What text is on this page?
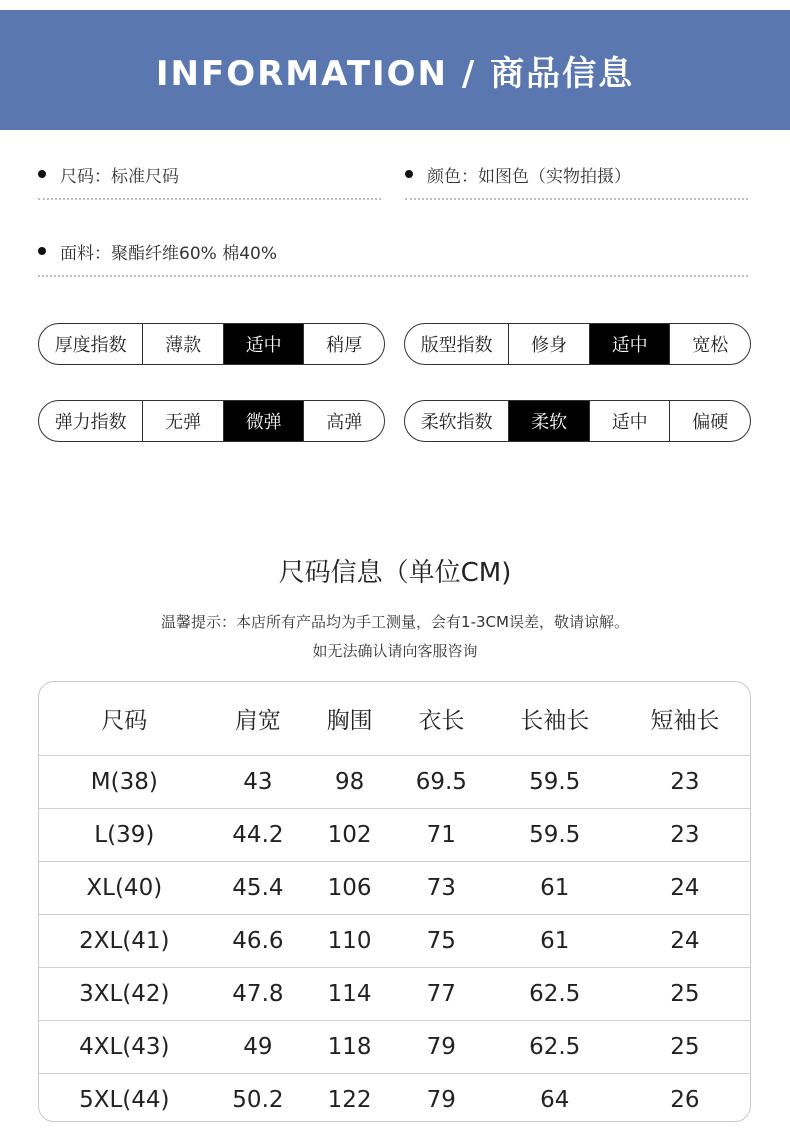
INFORMATION / 商品信息
尺码：标准尺码	颜色：如图色（实物拍摄）
面料：聚酯纤维60% 棉40%
厚度指数	薄款	适中	稍厚	版型指数	修身	适中	宽松
弹力指数	无弹	微弹	高弹	柔软指数	柔软	适中	偏硬
尺码信息（单位CM)
温馨提示：本店所有产品均为手工测量，会有1-3CM误差，敬请谅解。
如无法确认请向客服咨询
尺码	肩宽	胸围	衣长	长袖长	短袖长
M(38)	43	98	69.5	59.5	23
L(39)	44.2	102	71	59.5	23
XL(40)	45.4	106	73	61	24
2XL(41)	46.6	110	75	61	24
3XL(42)	47.8	114	77	62.5	25
4XL(43)	49	118	79	62.5	25
5XL(44)	50.2	122	79	64	26
